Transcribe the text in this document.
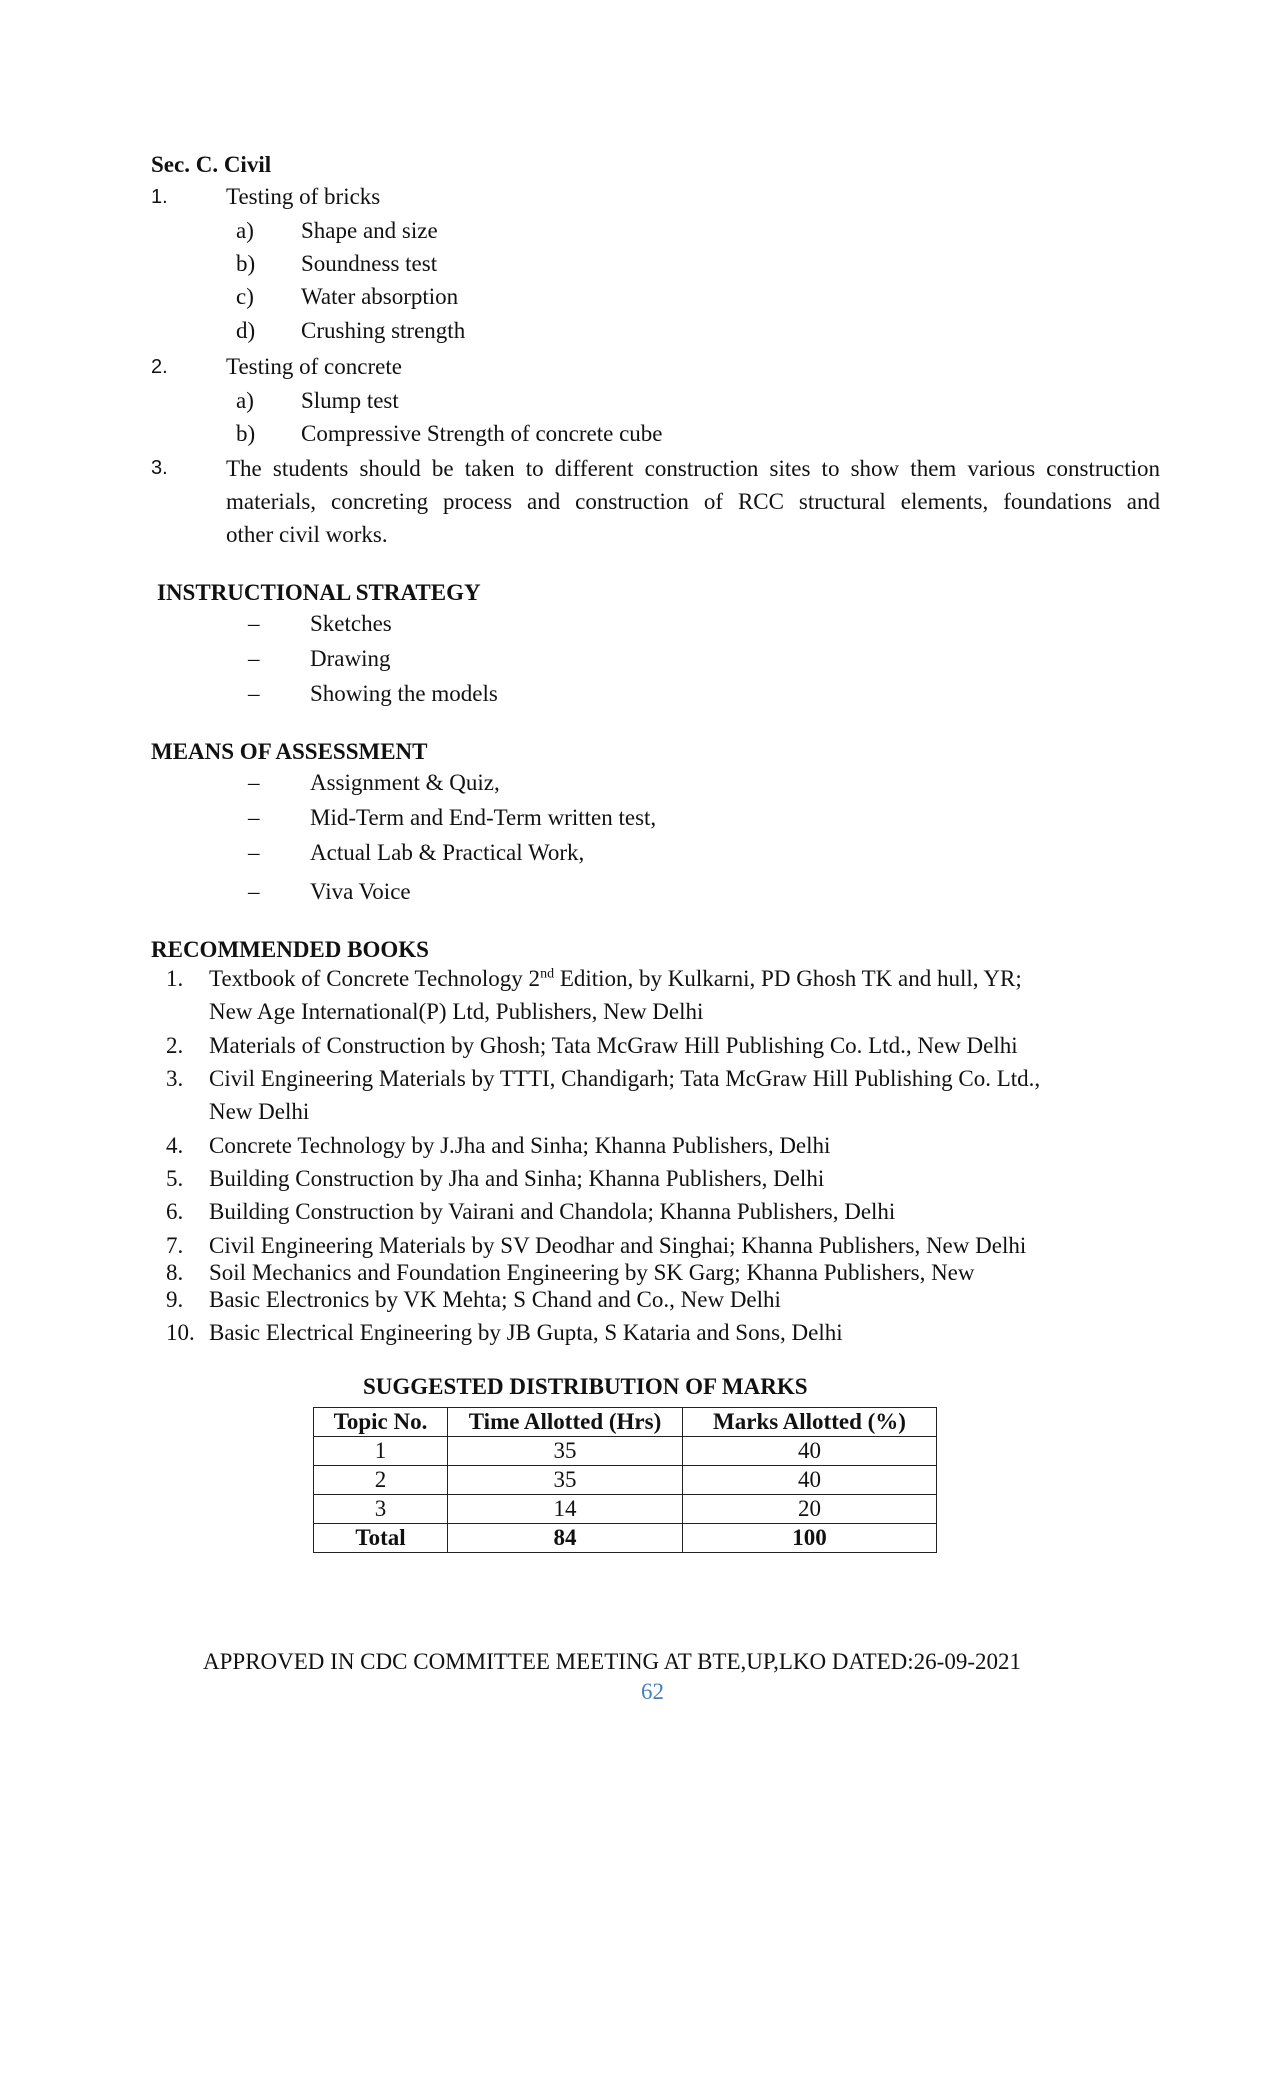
Sec. C. Civil
1.	Testing of bricks
a) Shape and size
b) Soundness test
c) Water absorption
d) Crushing strength
2.	Testing of concrete
a) Slump test
b) Compressive Strength of concrete cube
3.	The students should be taken to different construction sites to show them various construction
materials, concreting process and construction of RCC structural elements, foundations and
other civil works.
INSTRUCTIONAL STRATEGY
– Sketches
– Drawing
– Showing the models
MEANS OF ASSESSMENT
– Assignment & Quiz,
– Mid-Term and End-Term written test,
– Actual Lab & Practical Work,
– Viva Voice
RECOMMENDED BOOKS
1. Textbook of Concrete Technology 2nd Edition, by Kulkarni, PD Ghosh TK and hull, YR;
New Age International(P) Ltd, Publishers, New Delhi
2. Materials of Construction by Ghosh; Tata McGraw Hill Publishing Co. Ltd., New Delhi
3. Civil Engineering Materials by TTTI, Chandigarh; Tata McGraw Hill Publishing Co. Ltd.,
New Delhi
4. Concrete Technology by J.Jha and Sinha; Khanna Publishers, Delhi
5. Building Construction by Jha and Sinha; Khanna Publishers, Delhi
6. Building Construction by Vairani and Chandola; Khanna Publishers, Delhi
7. Civil Engineering Materials by SV Deodhar and Singhai; Khanna Publishers, New Delhi
8. Soil Mechanics and Foundation Engineering by SK Garg; Khanna Publishers, New
9. Basic Electronics by VK Mehta; S Chand and Co., New Delhi
10. Basic Electrical Engineering by JB Gupta, S Kataria and Sons, Delhi
SUGGESTED DISTRIBUTION OF MARKS
Topic No.	Time Allotted (Hrs)	Marks Allotted (%)
1	35	40
2	35	40
3	14	20
Total	84	100
APPROVED IN CDC COMMITTEE MEETING AT BTE,UP,LKO DATED:26-09-2021
62
